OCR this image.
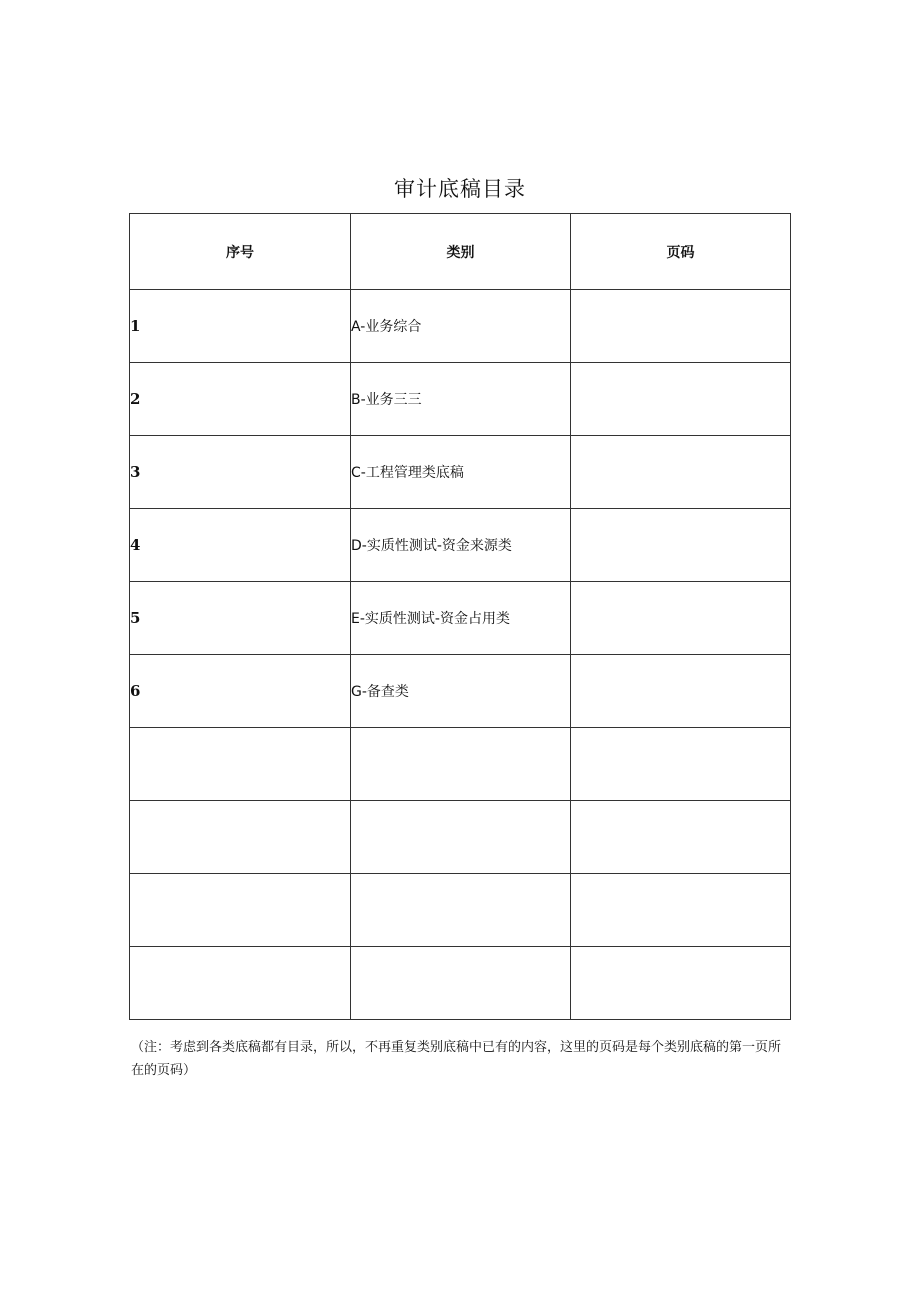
审计底稿目录
序号	类别	页码
1	A-业务综合	
2	B-业务三三	
3	C-工程管理类底稿	
4	D-实质性测试-资金来源类	
5	E-实质性测试-资金占用类	
6	G-备查类	

（注：考虑到各类底稿都有目录，所以，不再重复类别底稿中已有的内容，这里的页码是每个类别底稿的第一页所在的页码）
